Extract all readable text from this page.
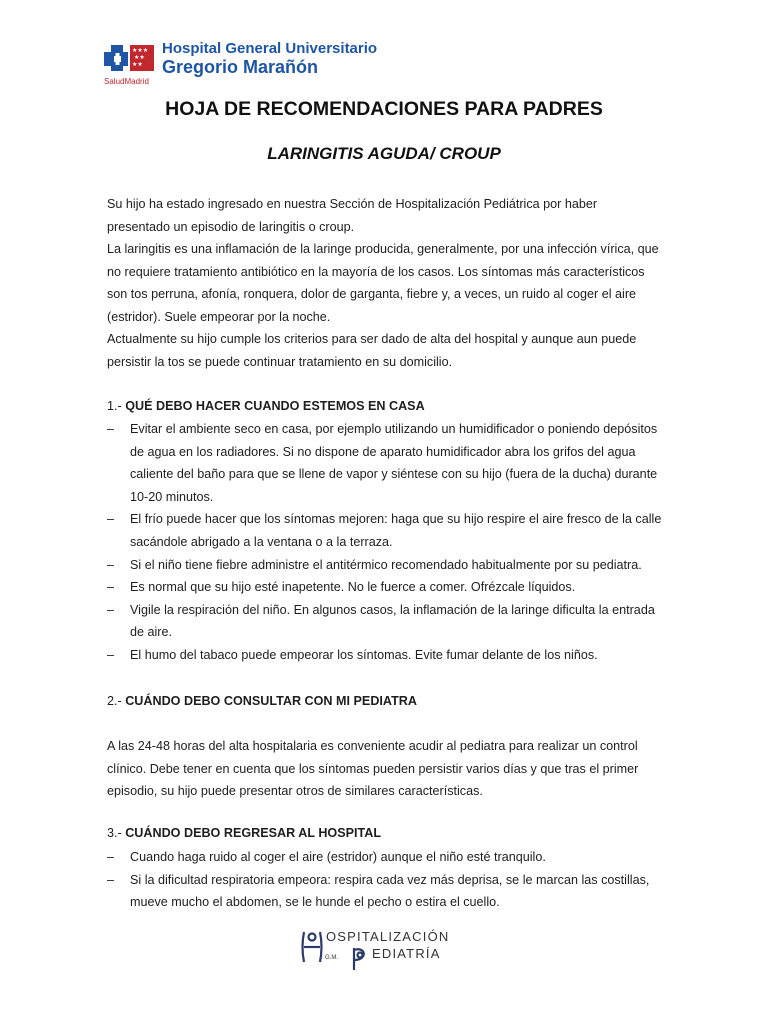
★★★
★★
★★
SaludMadrid
Hospital General Universitario
Gregorio Marañón
HOJA DE RECOMENDACIONES PARA PADRES
LARINGITIS AGUDA/ CROUP
Su hijo ha estado ingresado en nuestra Sección de Hospitalización Pediátrica por haber
presentado un episodio de laringitis o croup.
La laringitis es una inflamación de la laringe producida, generalmente, por una infección vírica, que
no requiere tratamiento antibiótico en la mayoría de los casos. Los síntomas más característicos
son tos perruna, afonía, ronquera, dolor de garganta, fiebre y, a veces, un ruido al coger el aire
(estridor). Suele empeorar por la noche.
Actualmente su hijo cumple los criterios para ser dado de alta del hospital y aunque aun puede
persistir la tos se puede continuar tratamiento en su domicilio.
1.- QUÉ DEBO HACER CUANDO ESTEMOS EN CASA
– Evitar el ambiente seco en casa, por ejemplo utilizando un humidificador o poniendo depósitos
de agua en los radiadores. Si no dispone de aparato humidificador abra los grifos del agua
caliente del baño para que se llene de vapor y siéntese con su hijo (fuera de la ducha) durante
10-20 minutos.
– El frío puede hacer que los síntomas mejoren: haga que su hijo respire el aire fresco de la calle
sacándole abrigado a la ventana o a la terraza.
– Si el niño tiene fiebre administre el antitérmico recomendado habitualmente por su pediatra.
– Es normal que su hijo esté inapetente. No le fuerce a comer. Ofrézcale líquidos.
– Vigile la respiración del niño. En algunos casos, la inflamación de la laringe dificulta la entrada
de aire.
– El humo del tabaco puede empeorar los síntomas. Evite fumar delante de los niños.
2.- CUÁNDO DEBO CONSULTAR CON MI PEDIATRA
A las 24-48 horas del alta hospitalaria es conveniente acudir al pediatra para realizar un control
clínico. Debe tener en cuenta que los síntomas pueden persistir varios días y que tras el primer
episodio, su hijo puede presentar otros de similares características.
3.- CUÁNDO DEBO REGRESAR AL HOSPITAL
– Cuando haga ruido al coger el aire (estridor) aunque el niño esté tranquilo.
– Si la dificultad respiratoria empeora: respira cada vez más deprisa, se le marcan las costillas,
mueve mucho el abdomen, se le hunde el pecho o estira el cuello.
OSPITALIZACIÓN
EDIATRÍA
G.M.
